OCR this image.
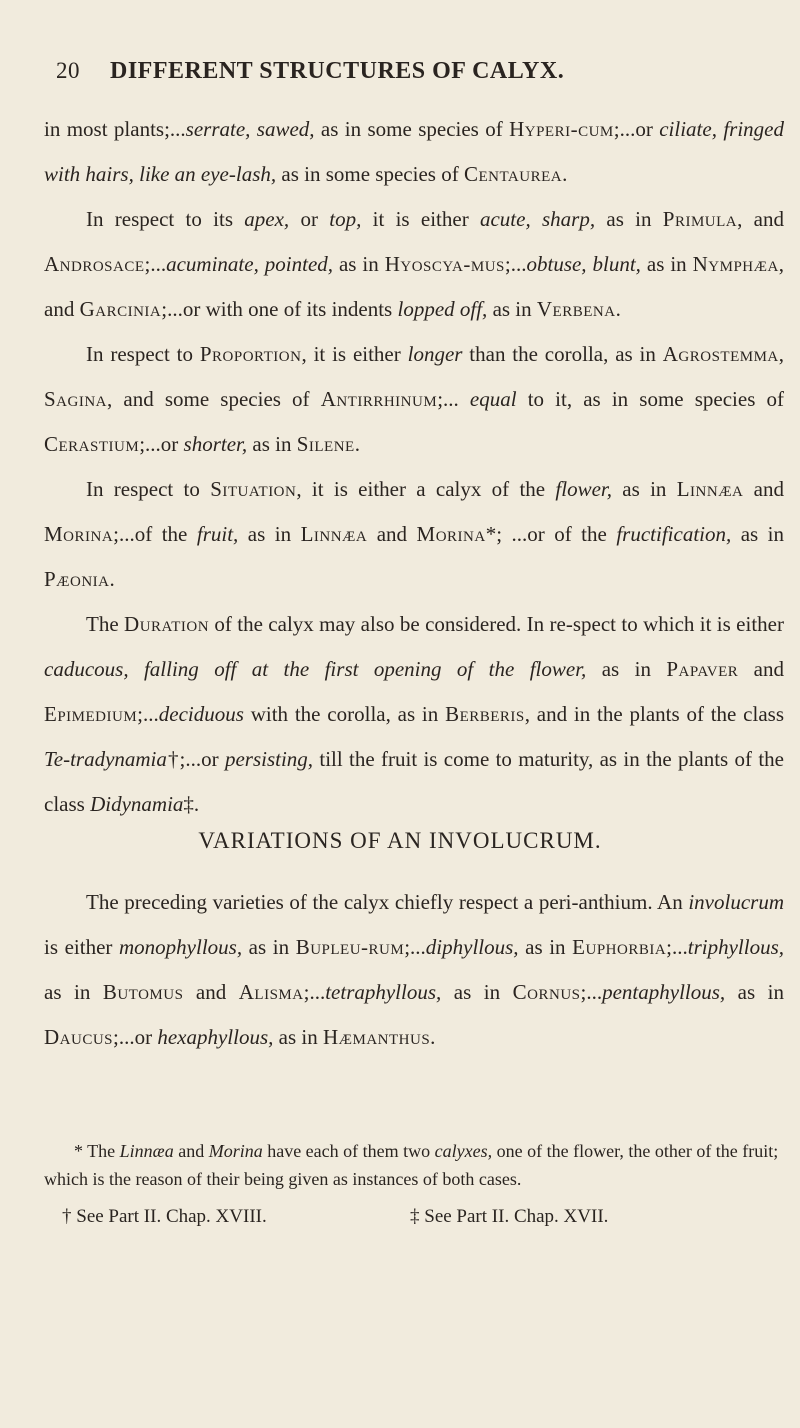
20 DIFFERENT STRUCTURES OF CALYX.

in most plants;...serrate, sawed, as in some species of Hyperi-cum;...or ciliate, fringed with hairs, like an eye-lash, as in some species of Centaurea.

In respect to its apex, or top, it is either acute, sharp, as in Primula, and Androsace;...acuminate, pointed, as in Hyoscya-mus;...obtuse, blunt, as in Nymphæa, and Garcinia;...or with one of its indents lopped off, as in Verbena.

In respect to Proportion, it is either longer than the corolla, as in Agrostemma, Sagina, and some species of Antirrhinum;... equal to it, as in some species of Cerastium;...or shorter, as in Silene.

In respect to Situation, it is either a calyx of the flower, as in Linnæa and Morina;...of the fruit, as in Linnæa and Morina*; ...or of the fructification, as in Pæonia.

The Duration of the calyx may also be considered. In re-spect to which it is either caducous, falling off at the first opening of the flower, as in Papaver and Epimedium;...deciduous with the corolla, as in Berberis, and in the plants of the class Te-tradynamia†;...or persisting, till the fruit is come to maturity, as in the plants of the class Didynamia‡.

VARIATIONS OF AN INVOLUCRUM.

The preceding varieties of the calyx chiefly respect a peri-anthium. An involucrum is either monophyllous, as in Bupleu-rum;...diphyllous, as in Euphorbia;...triphyllous, as in Butomus and Alisma;...tetraphyllous, as in Cornus;...pentaphyllous, as in Daucus;...or hexaphyllous, as in Hæmanthus.

* The Linnæa and Morina have each of them two calyxes, one of the flower, the other of the fruit; which is the reason of their being given as instances of both cases.

† See Part II. Chap. XVIII.	‡ See Part II. Chap. XVII.
